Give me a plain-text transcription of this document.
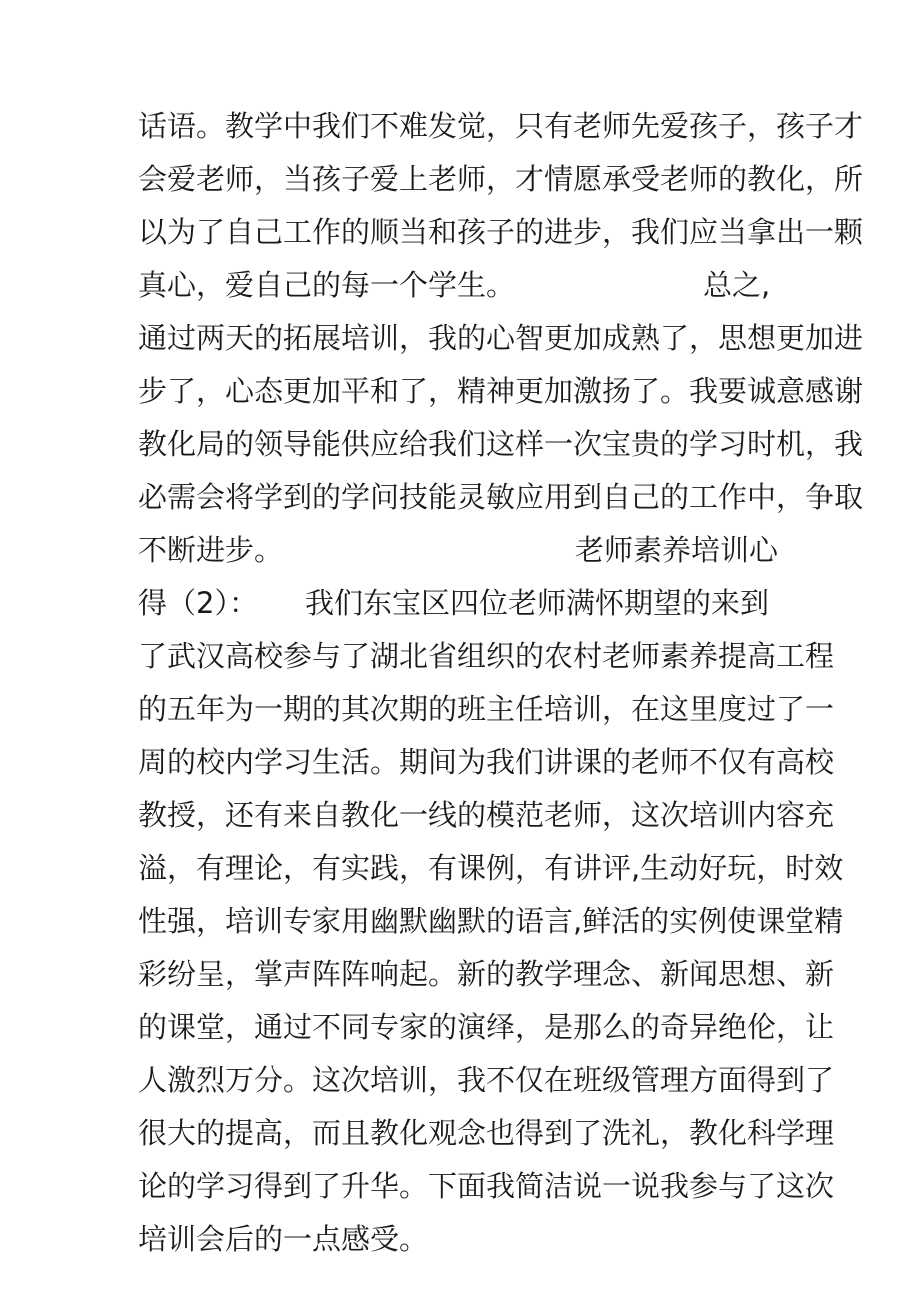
话语。教学中我们不难发觉，只有老师先爱孩子，孩子才
会爱老师，当孩子爱上老师，才情愿承受老师的教化，所
以为了自己工作的顺当和孩子的进步，我们应当拿出一颗
真心，爱自己的每一个学生。	总之,
通过两天的拓展培训，我的心智更加成熟了，思想更加进
步了，心态更加平和了，精神更加激扬了。我要诚意感谢
教化局的领导能供应给我们这样一次宝贵的学习时机，我
必需会将学到的学问技能灵敏应用到自己的工作中，争取
不断进步。	老师素养培训心
得（2）： 我们东宝区四位老师满怀期望的来到
了武汉高校参与了湖北省组织的农村老师素养提高工程
的五年为一期的其次期的班主任培训，在这里度过了一
周的校内学习生活。期间为我们讲课的老师不仅有高校
教授，还有来自教化一线的模范老师，这次培训内容充
溢，有理论，有实践，有课例，有讲评,生动好玩，时效
性强，培训专家用幽默幽默的语言,鲜活的实例使课堂精
彩纷呈，掌声阵阵响起。新的教学理念、新闻思想、新
的课堂，通过不同专家的演绎，是那么的奇异绝伦，让
人激烈万分。这次培训，我不仅在班级管理方面得到了
很大的提高，而且教化观念也得到了洗礼，教化科学理
论的学习得到了升华。下面我简洁说一说我参与了这次
培训会后的一点感受。
